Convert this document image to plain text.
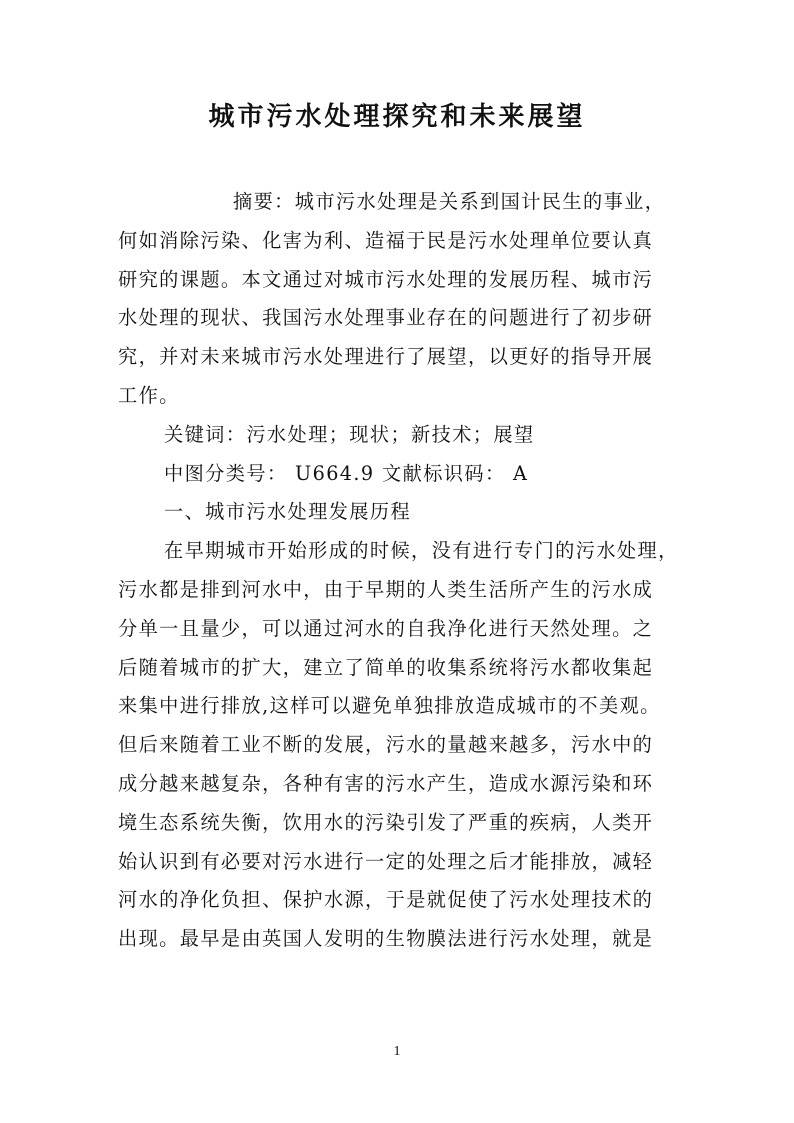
城市污水处理探究和未来展望
摘要：城市污水处理是关系到国计民生的事业，
何如消除污染、化害为利、造福于民是污水处理单位要认真
研究的课题。本文通过对城市污水处理的发展历程、城市污
水处理的现状、我国污水处理事业存在的问题进行了初步研
究，并对未来城市污水处理进行了展望，以更好的指导开展
工作。
关键词：污水处理；现状；新技术；展望
中图分类号： U664.9 文献标识码： A
一、城市污水处理发展历程
在早期城市开始形成的时候，没有进行专门的污水处理，
污水都是排到河水中，由于早期的人类生活所产生的污水成
分单一且量少，可以通过河水的自我净化进行天然处理。之
后随着城市的扩大，建立了简单的收集系统将污水都收集起
来集中进行排放,这样可以避免单独排放造成城市的不美观。
但后来随着工业不断的发展，污水的量越来越多，污水中的
成分越来越复杂，各种有害的污水产生，造成水源污染和环
境生态系统失衡，饮用水的污染引发了严重的疾病，人类开
始认识到有必要对污水进行一定的处理之后才能排放，减轻
河水的净化负担、保护水源，于是就促使了污水处理技术的
出现。最早是由英国人发明的生物膜法进行污水处理，就是
1
